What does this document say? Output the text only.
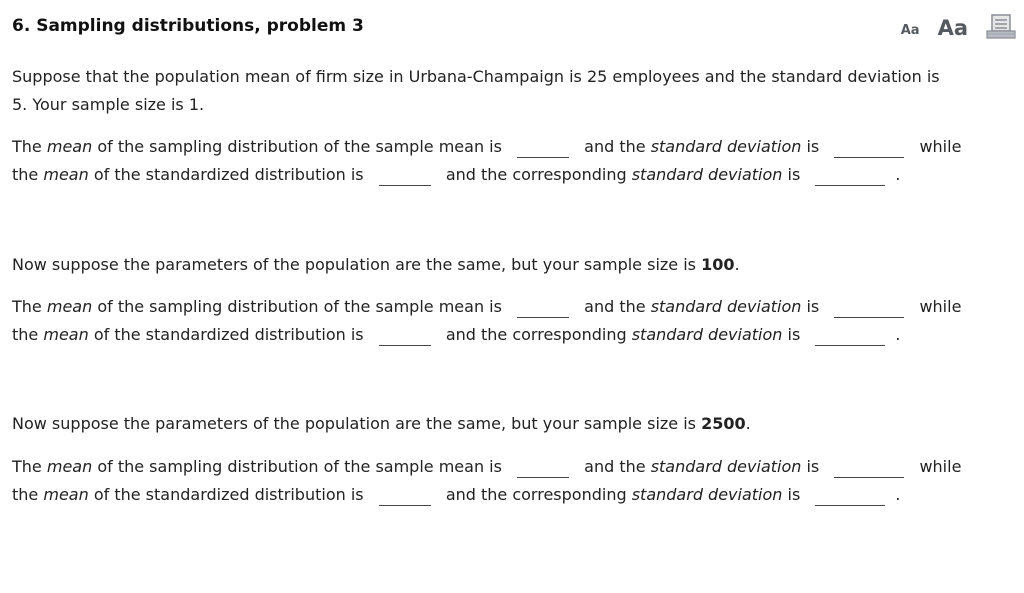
6. Sampling distributions, problem 3	Aa Aa

Suppose that the population mean of firm size in Urbana-Champaign is 25 employees and the standard deviation is
5. Your sample size is 1.

The mean of the sampling distribution of the sample mean is	and the standard deviation is	while
the mean of the standardized distribution is	and the corresponding standard deviation is	.

Now suppose the parameters of the population are the same, but your sample size is 100.

The mean of the sampling distribution of the sample mean is	and the standard deviation is	while
the mean of the standardized distribution is	and the corresponding standard deviation is	.

Now suppose the parameters of the population are the same, but your sample size is 2500.

The mean of the sampling distribution of the sample mean is	and the standard deviation is	while
the mean of the standardized distribution is	and the corresponding standard deviation is	.
